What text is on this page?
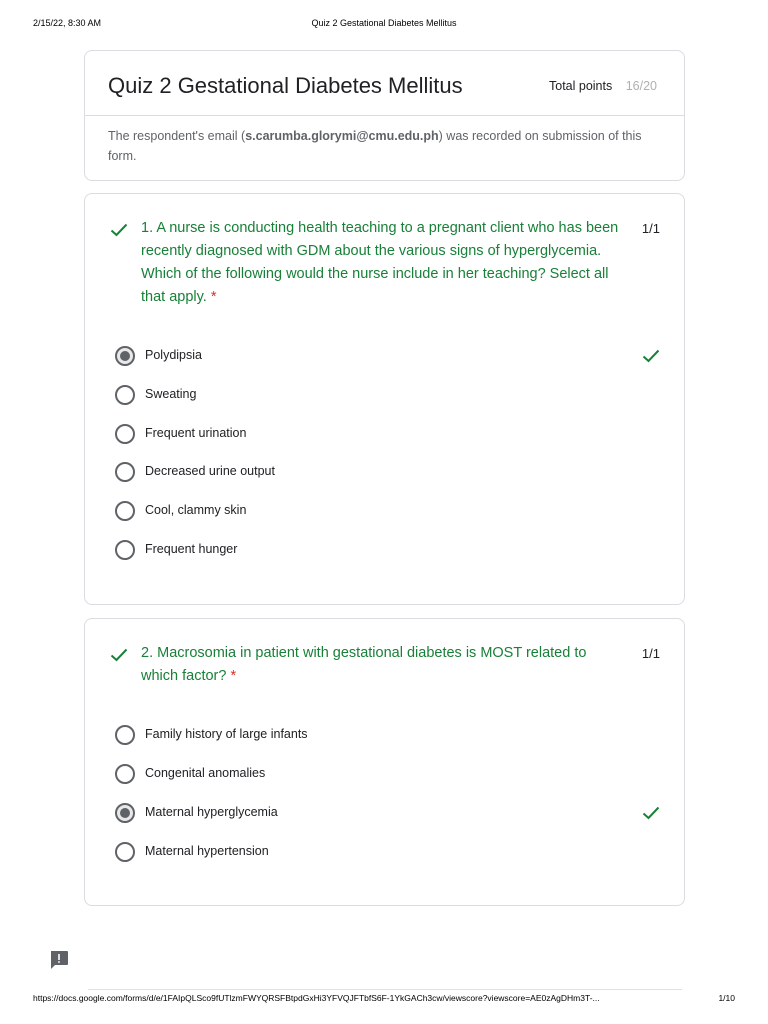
2/15/22, 8:30 AM	Quiz 2 Gestational Diabetes Mellitus
Quiz 2 Gestational Diabetes Mellitus	Total points 16/20
The respondent's email (s.carumba.glorymi@cmu.edu.ph) was recorded on submission of this form.
1. A nurse is conducting health teaching to a pregnant client who has been recently diagnosed with GDM about the various signs of hyperglycemia. Which of the following would the nurse include in her teaching? Select all that apply. *
1/1
Polydipsia
Sweating
Frequent urination
Decreased urine output
Cool, clammy skin
Frequent hunger
2. Macrosomia in patient with gestational diabetes is MOST related to which factor? *
1/1
Family history of large infants
Congenital anomalies
Maternal hyperglycemia
Maternal hypertension
https://docs.google.com/forms/d/e/1FAIpQLSco9fUTlzmFWYQRSFBtpdGxHi3YFVQJFTbfS6F-1YkGACh3cw/viewscore?viewscore=AE0zAgDHm3T-...	1/10
